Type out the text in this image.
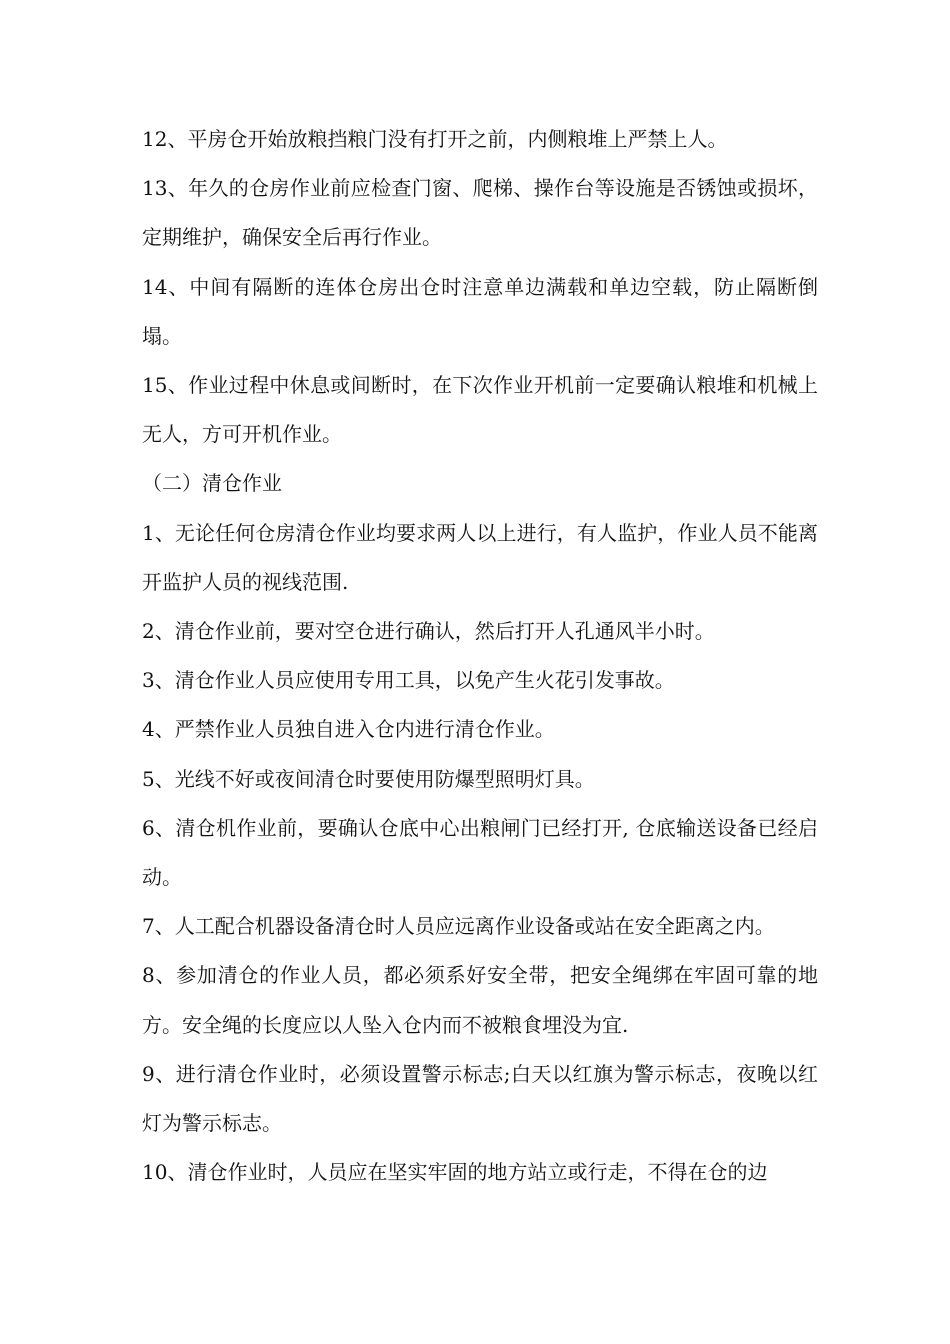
12、平房仓开始放粮挡粮门没有打开之前，内侧粮堆上严禁上人。

13、年久的仓房作业前应检查门窗、爬梯、操作台等设施是否锈蚀或损坏，定期维护，确保安全后再行作业。

14、中间有隔断的连体仓房出仓时注意单边满载和单边空载，防止隔断倒塌。

15、作业过程中休息或间断时，在下次作业开机前一定要确认粮堆和机械上无人，方可开机作业。

（二）清仓作业

1、无论任何仓房清仓作业均要求两人以上进行，有人监护，作业人员不能离开监护人员的视线范围.

2、清仓作业前，要对空仓进行确认，然后打开人孔通风半小时。

3、清仓作业人员应使用专用工具，以免产生火花引发事故。

4、严禁作业人员独自进入仓内进行清仓作业。

5、光线不好或夜间清仓时要使用防爆型照明灯具。

6、清仓机作业前，要确认仓底中心出粮闸门已经打开, 仓底输送设备已经启动。

7、人工配合机器设备清仓时人员应远离作业设备或站在安全距离之内。

8、参加清仓的作业人员，都必须系好安全带，把安全绳绑在牢固可靠的地方。安全绳的长度应以人坠入仓内而不被粮食埋没为宜.

9、进行清仓作业时，必须设置警示标志;白天以红旗为警示标志，夜晚以红灯为警示标志。

10、清仓作业时，人员应在坚实牢固的地方站立或行走，不得在仓的边
